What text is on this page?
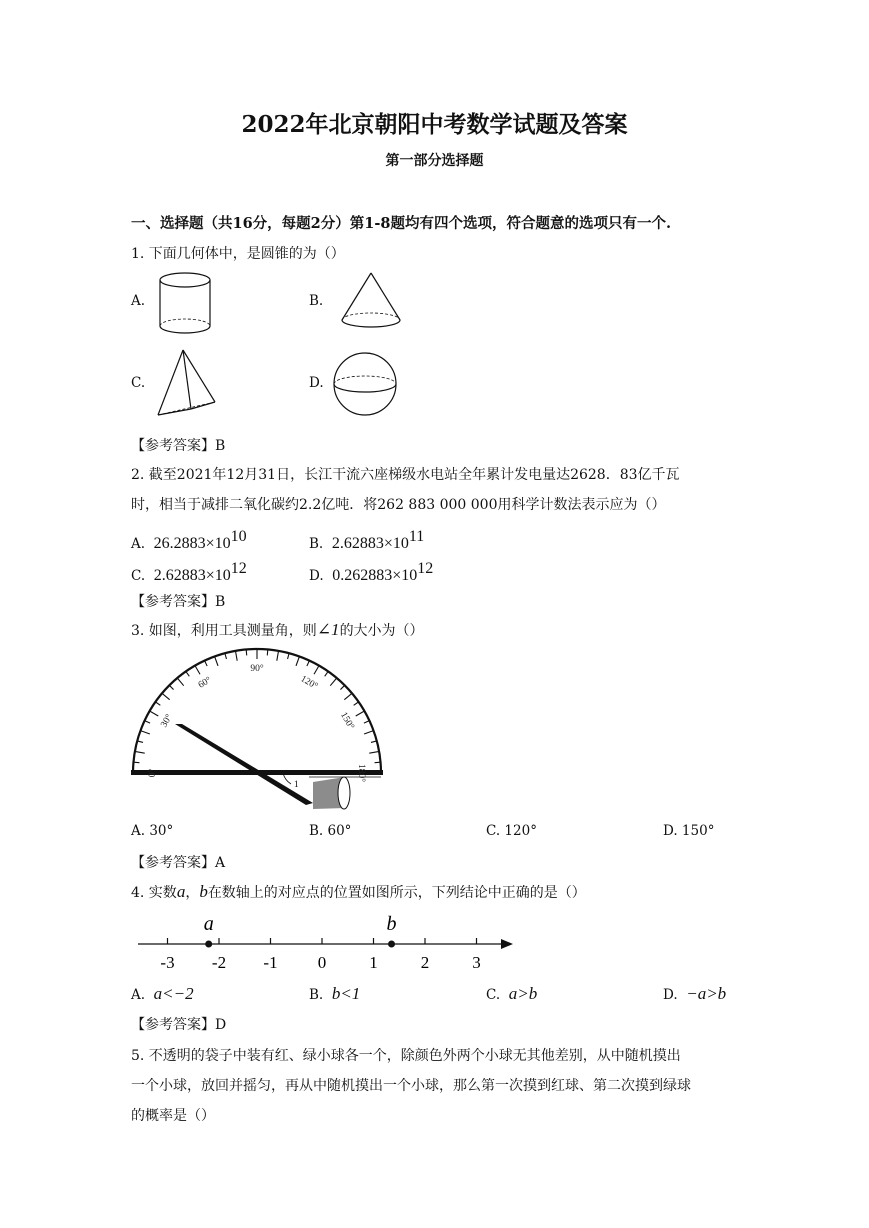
2022年北京朝阳中考数学试题及答案
第一部分选择题
一、选择题（共16分，每题2分）第1-8题均有四个选项，符合题意的选项只有一个.
1. 下面几何体中，是圆锥的为（）
A.	B.
C.	D.
【参考答案】B
2. 截至2021年12月31日，长江干流六座梯级水电站全年累计发电量达2628．83亿千瓦
时，相当于减排二氧化碳约2.2亿吨．将262 883 000 000用科学计数法表示应为（）
A. $26.2883\times 10^{10}$	B. $2.62883\times 10^{11}$
C. $2.62883\times 10^{12}$	D. $0.262883\times 10^{12}$
【参考答案】B
3. 如图，利用工具测量角，则∠1的大小为（）
1
0°
30°
60°
90°
120°
150°
180°
A. 30°	B. 60°	C. 120°	D. 150°
【参考答案】A
4. 实数a，b在数轴上的对应点的位置如图所示，下列结论中正确的是（）
-3 -2 -1 0	1	2	3
a	b
A. a<−2	B. b<1	C. a>b	D. −a>b
【参考答案】D
5. 不透明的袋子中装有红、绿小球各一个，除颜色外两个小球无其他差别，从中随机摸出
一个小球，放回并摇匀，再从中随机摸出一个小球，那么第一次摸到红球、第二次摸到绿球
的概率是（）
